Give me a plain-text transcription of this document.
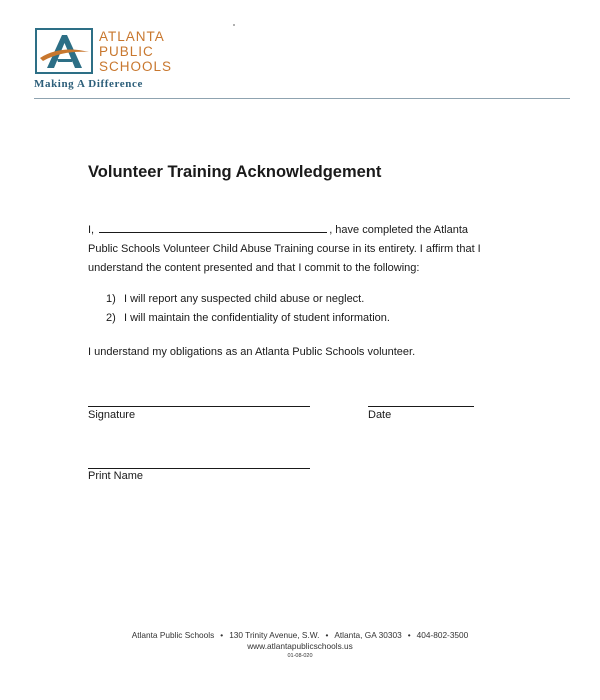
ATLANTA
PUBLIC
SCHOOLS
Making A Difference
Volunteer Training Acknowledgement

I,	, have completed the Atlanta

Public Schools Volunteer Child Abuse Training course in its entirety. I affirm that I

understand the content presented and that I commit to the following:

1) I will report any suspected child abuse or neglect.
2) I will maintain the confidentiality of student information.
I understand my obligations as an Atlanta Public Schools volunteer.
Signature	Date
Print Name
Atlanta Public Schools • 130 Trinity Avenue, S.W. • Atlanta, GA 30303 • 404-802-3500
www.atlantapublicschools.us
01-08-020
